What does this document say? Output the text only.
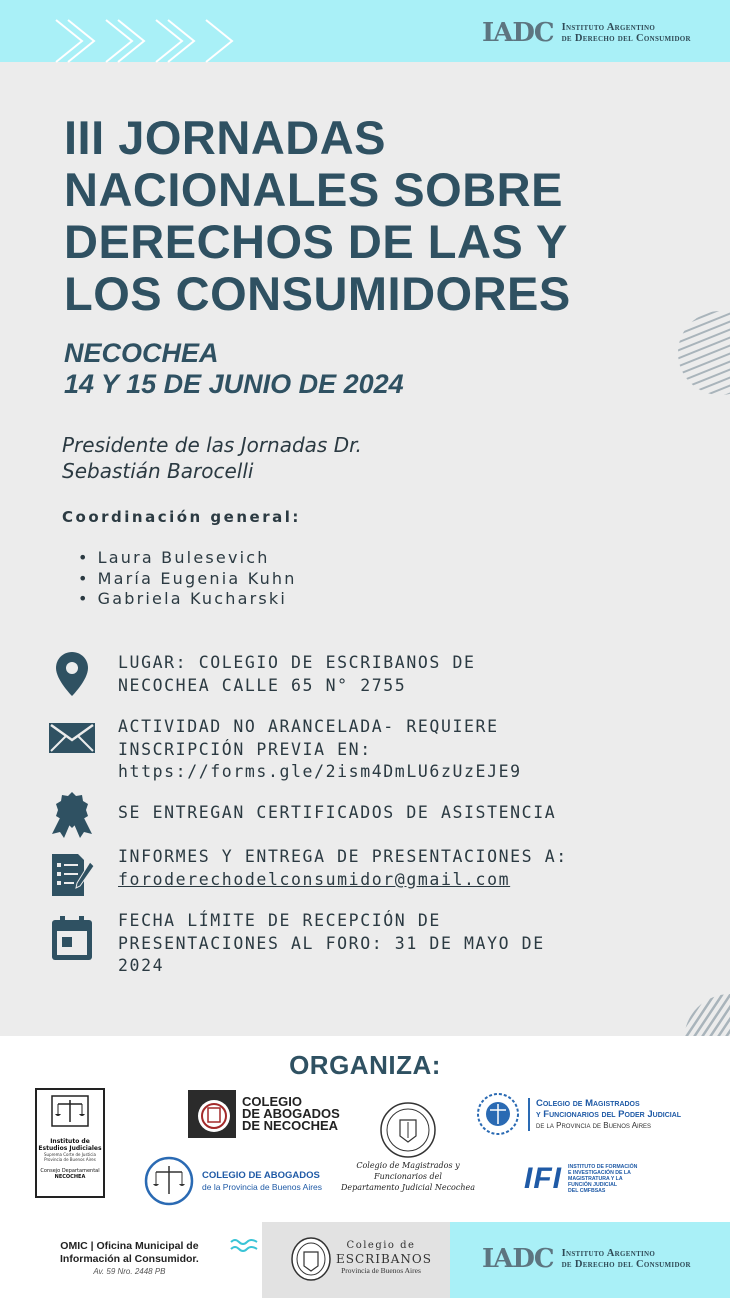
IADC Instituto Argentino
de Derecho del Consumidor
III JORNADAS
NACIONALES SOBRE
DERECHOS DE LAS Y
LOS CONSUMIDORES
NECOCHEA
14 Y 15 DE JUNIO DE 2024
Presidente de las Jornadas Dr.
Sebastián Barocelli
Coordinación general:
• Laura Bulesevich
• María Eugenia Kuhn
• Gabriela Kucharski
LUGAR: COLEGIO DE ESCRIBANOS DE
NECOCHEA CALLE 65 N° 2755
ACTIVIDAD NO ARANCELADA- REQUIERE
INSCRIPCIÓN PREVIA EN:
https://forms.gle/2ism4DmLU6zUzEJE9
SE ENTREGAN CERTIFICADOS DE ASISTENCIA
INFORMES Y ENTREGA DE PRESENTACIONES A:
foroderechodelconsumidor@gmail.com
FECHA LÍMITE DE RECEPCIÓN DE
PRESENTACIONES AL FORO: 31 DE MAYO DE
2024
ORGANIZA:
Instituto de
Estudios Judiciales
Suprema Corte de Justicia
Provincia de Buenos Aires
Consejo Departamental
NECOCHEA
COLEGIO
DE ABOGADOS
DE NECOCHEA
Colegio de Magistrados y
Funcionarios del
Departamento Judicial Necochea
Colegio de Magistrados
y Funcionarios del Poder Judicial
de la Provincia de Buenos Aires
COLEGIO DE ABOGADOS
de la Provincia de Buenos Aires	IFI INSTITUTO DE FORMACIÓN
E INVESTIGACIÓN DE LA
MAGISTRATURA Y LA
FUNCIÓN JUDICIAL
DEL CMFBSAS
OMIC | Oficina Municipal de
Información al Consumidor.
Av. 59 Nro. 2448 PB
Colegio de
ESCRIBANOS
Provincia de Buenos Aires IADC Instituto Argentino
de Derecho del Consumidor
